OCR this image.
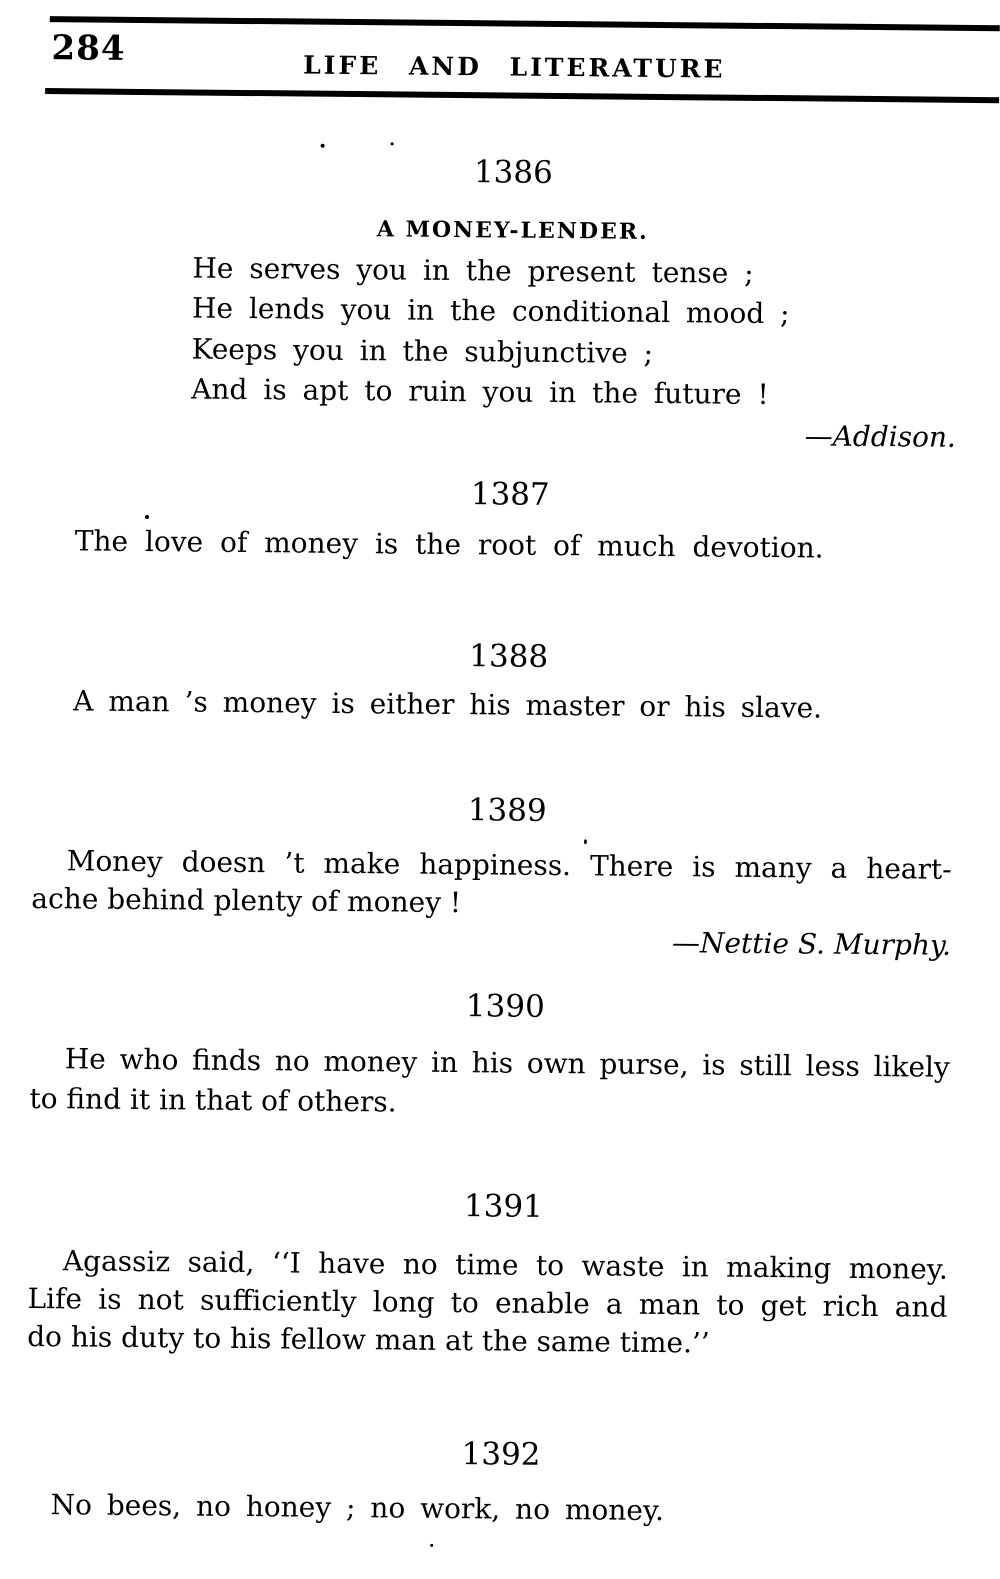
284	LIFE AND LITERATURE
1386
A MONEY-LENDER.
He serves you in the present tense ;
He lends you in the conditional mood ;
Keeps you in the subjunctive ;
And is apt to ruin you in the future !
—Addison.
1387
The love of money is the root of much devotion.
1388
A man ’s money is either his master or his slave.
1389
Money doesn ’t make happiness. There is many a heart-
ache behind plenty of money !
—Nettie S. Murphy.
1390
He who finds no money in his own purse, is still less likely
to find it in that of others.
1391
Agassiz said, ‘‘I have no time to waste in making money.
Life is not sufficiently long to enable a man to get rich and
do his duty to his fellow man at the same time.’’
1392
No bees, no honey ; no work, no money.
